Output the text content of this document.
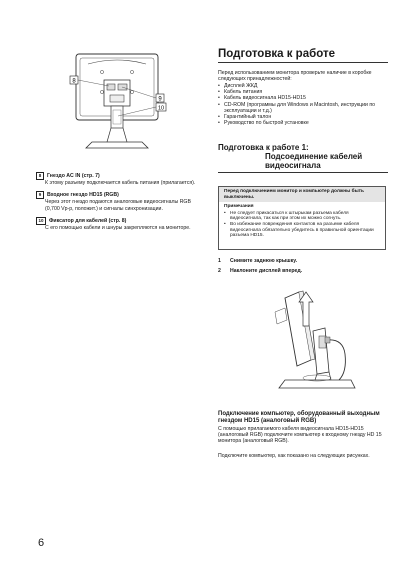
8
9
10
8	Гнездо AC IN (стр. 7)
К этому разъему подключается кабель питания (прилагается).
9	Входное гнездо HD15 (RGB)
Через этот гнездо подаются аналоговые видеосигналы RGB (0,700 Vp-p, положит.) и сигналы синхронизации.
10	Фиксатор для кабелей (стр. 8)
С его помощью кабели и шнуры закрепляются на мониторе.
Подготовка к работе
Перед использованием монитора проверьте наличие в коробке следующих принадлежностей:
• Дисплей ЖКД
• Кабель питания
• Кабель видеосигнала HD15-HD15
• CD-ROM (программы для Windows и Macintosh, инструкции по эксплуатации и т.д.)
• Гарантийный талон
• Руководство по быстрой установке
Подготовка к работе 1:
Подсоединение кабелей
видеосигнала
Перед подключением монитор и компьютер должны быть выключены.
Примечания
• Не следует прикасаться к штырькам разъема кабеля видеосигнала, так как при этом их можно согнуть.
• Во избежание повреждения контактов на разъеме кабеля видеосигнала обязательно убедитесь в правильной ориентации разъема HD15.
1 Снимите заднюю крышку.
2 Наклоните дисплей вперед.
Подключение компьютер, оборудованный выходным гнездом HD15 (аналоговый RGB)
С помощью прилагаемого кабеля видеосигнала HD15-HD15 (аналоговый RGB) подключите компьютер к входному гнезду HD 15 монитора (аналоговый RGB).
Подключите компьютер, как показано на следующих рисунках.
6
